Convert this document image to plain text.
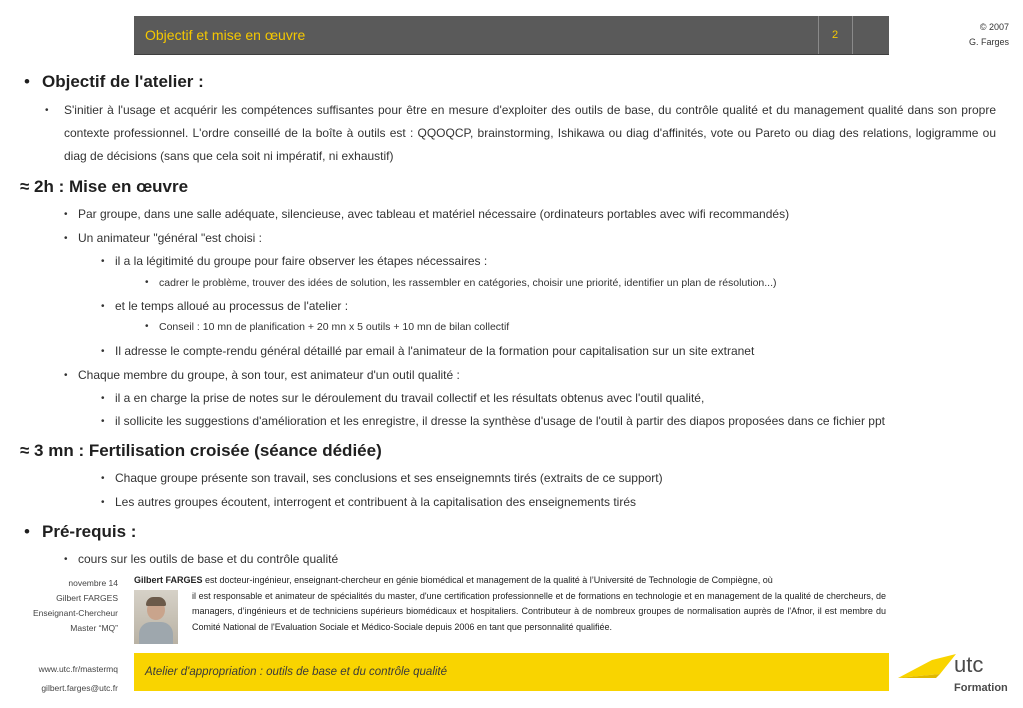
Objectif et mise en œuvre	2
© 2007
G. Farges
• Objectif de l'atelier :
• S'initier à l'usage et acquérir les compétences suffisantes pour être en mesure d'exploiter des outils de base, du contrôle qualité et du management qualité dans son propre contexte professionnel. L'ordre conseillé de la boîte à outils est : QQOQCP, brainstorming, Ishikawa ou diag d'affinités, vote ou Pareto ou diag des relations, logigramme ou diag de décisions (sans que cela soit ni impératif, ni exhaustif)
≈ 2h : Mise en œuvre
• Par groupe, dans une salle adéquate, silencieuse, avec tableau et matériel nécessaire (ordinateurs portables avec wifi recommandés)
• Un animateur "général "est choisi :
• il a la légitimité du groupe pour faire observer les étapes nécessaires :
• cadrer le problème, trouver des idées de solution, les rassembler en catégories, choisir une priorité, identifier un plan de résolution...)
• et le temps alloué au processus de l'atelier :
• Conseil : 10 mn de planification + 20 mn x 5 outils + 10 mn de bilan collectif
• Il adresse le compte-rendu général détaillé par email à l'animateur de la formation pour capitalisation sur un site extranet
• Chaque membre du groupe, à son tour, est animateur d'un outil qualité :
• il a en charge la prise de notes sur le déroulement du travail collectif et les résultats obtenus avec l'outil qualité,
• il sollicite les suggestions d'amélioration et les enregistre, il dresse la synthèse d'usage de l'outil à partir des diapos proposées dans ce fichier ppt
≈ 3 mn : Fertilisation croisée (séance dédiée)
• Chaque groupe présente son travail, ses conclusions et ses enseignemnts tirés (extraits de ce support)
• Les autres groupes écoutent, interrogent et contribuent à la capitalisation des enseignements tirés
• Pré-requis :
• cours sur les outils de base et du contrôle qualité
novembre 14
Gilbert FARGES
Enseignant-Chercheur
Master “MQ”
www.utc.fr/mastermq
gilbert.farges@utc.fr
Gilbert FARGES est docteur-ingénieur, enseignant-chercheur en génie biomédical et management de la qualité à l’Université de Technologie de Compiègne, où
il est responsable et animateur de spécialités du master, d'une certification professionnelle et de formations en technologie et en management de la qualité de chercheurs, de managers, d’ingénieurs et de techniciens supérieurs biomédicaux et hospitaliers. Contributeur à de nombreux groupes de normalisation auprès de l'Afnor, il est membre du Comité National de l'Evaluation Sociale et Médico-Sociale depuis 2006 en tant que personnalité qualifiée.
Atelier d'appropriation : outils de base et du contrôle qualité	utc
Formation
